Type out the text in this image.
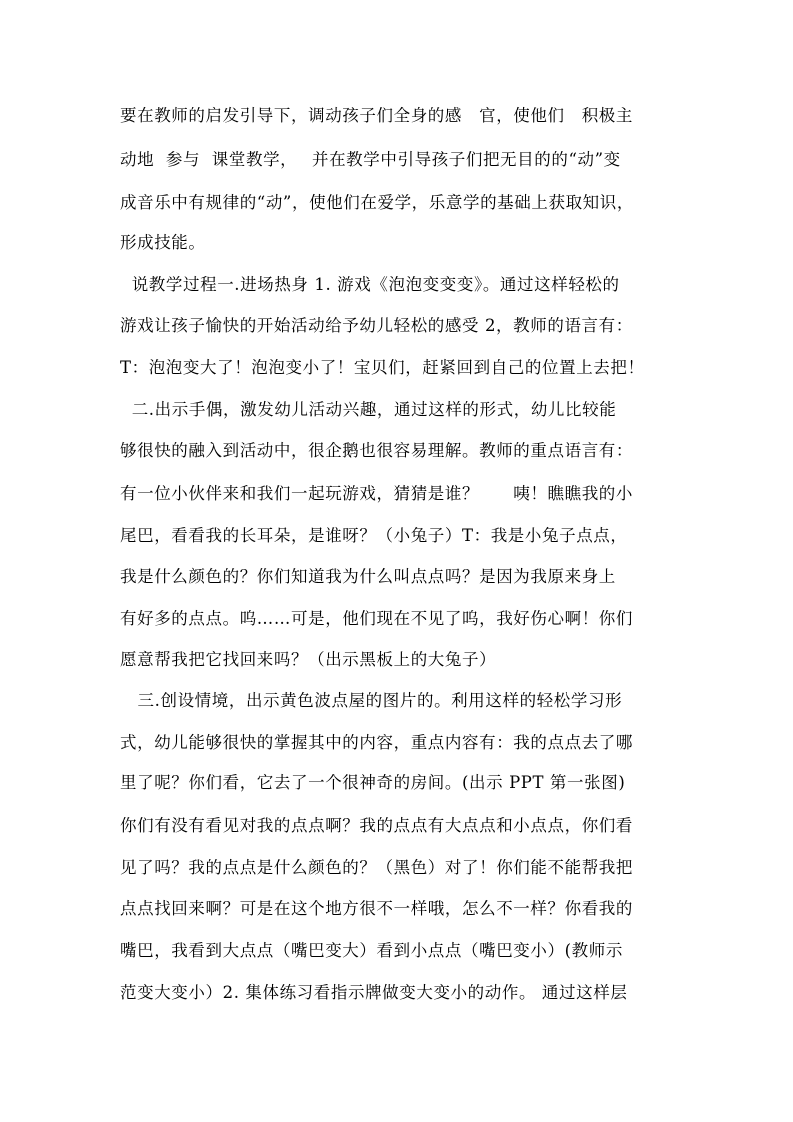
要在教师的启发引导下，调动孩子们全身的感　官，使他们　积极主

动地  参与  课堂教学，　 并在教学中引导孩子们把无目的的“动”变

成音乐中有规律的“动”，使他们在爱学，乐意学的基础上获取知识，

形成技能。

说教学过程一.进场热身 1. 游戏《泡泡变变变》。通过这样轻松的

游戏让孩子愉快的开始活动给予幼儿轻松的感受 2，教师的语言有：

T：泡泡变大了！泡泡变小了！宝贝们，赶紧回到自己的位置上去把！

二.出示手偶，激发幼儿活动兴趣，通过这样的形式，幼儿比较能

够很快的融入到活动中，很企鹅也很容易理解。教师的重点语言有：

有一位小伙伴来和我们一起玩游戏，猜猜是谁？　　咦！瞧瞧我的小

尾巴，看看我的长耳朵，是谁呀？（小兔子）T：我是小兔子点点，

我是什么颜色的？你们知道我为什么叫点点吗？是因为我原来身上

有好多的点点。呜……可是，他们现在不见了呜，我好伤心啊！你们

愿意帮我把它找回来吗？（出示黑板上的大兔子）

三.创设情境，出示黄色波点屋的图片的。利用这样的轻松学习形

式，幼儿能够很快的掌握其中的内容，重点内容有：我的点点去了哪

里了呢？你们看，它去了一个很神奇的房间。(出示 PPT 第一张图)

你们有没有看见对我的点点啊？我的点点有大点点和小点点，你们看

见了吗？我的点点是什么颜色的？（黑色）对了！你们能不能帮我把

点点找回来啊？可是在这个地方很不一样哦，怎么不一样？你看我的

嘴巴，我看到大点点（嘴巴变大）看到小点点（嘴巴变小）(教师示

范变大变小）2. 集体练习看指示牌做变大变小的动作。 通过这样层
